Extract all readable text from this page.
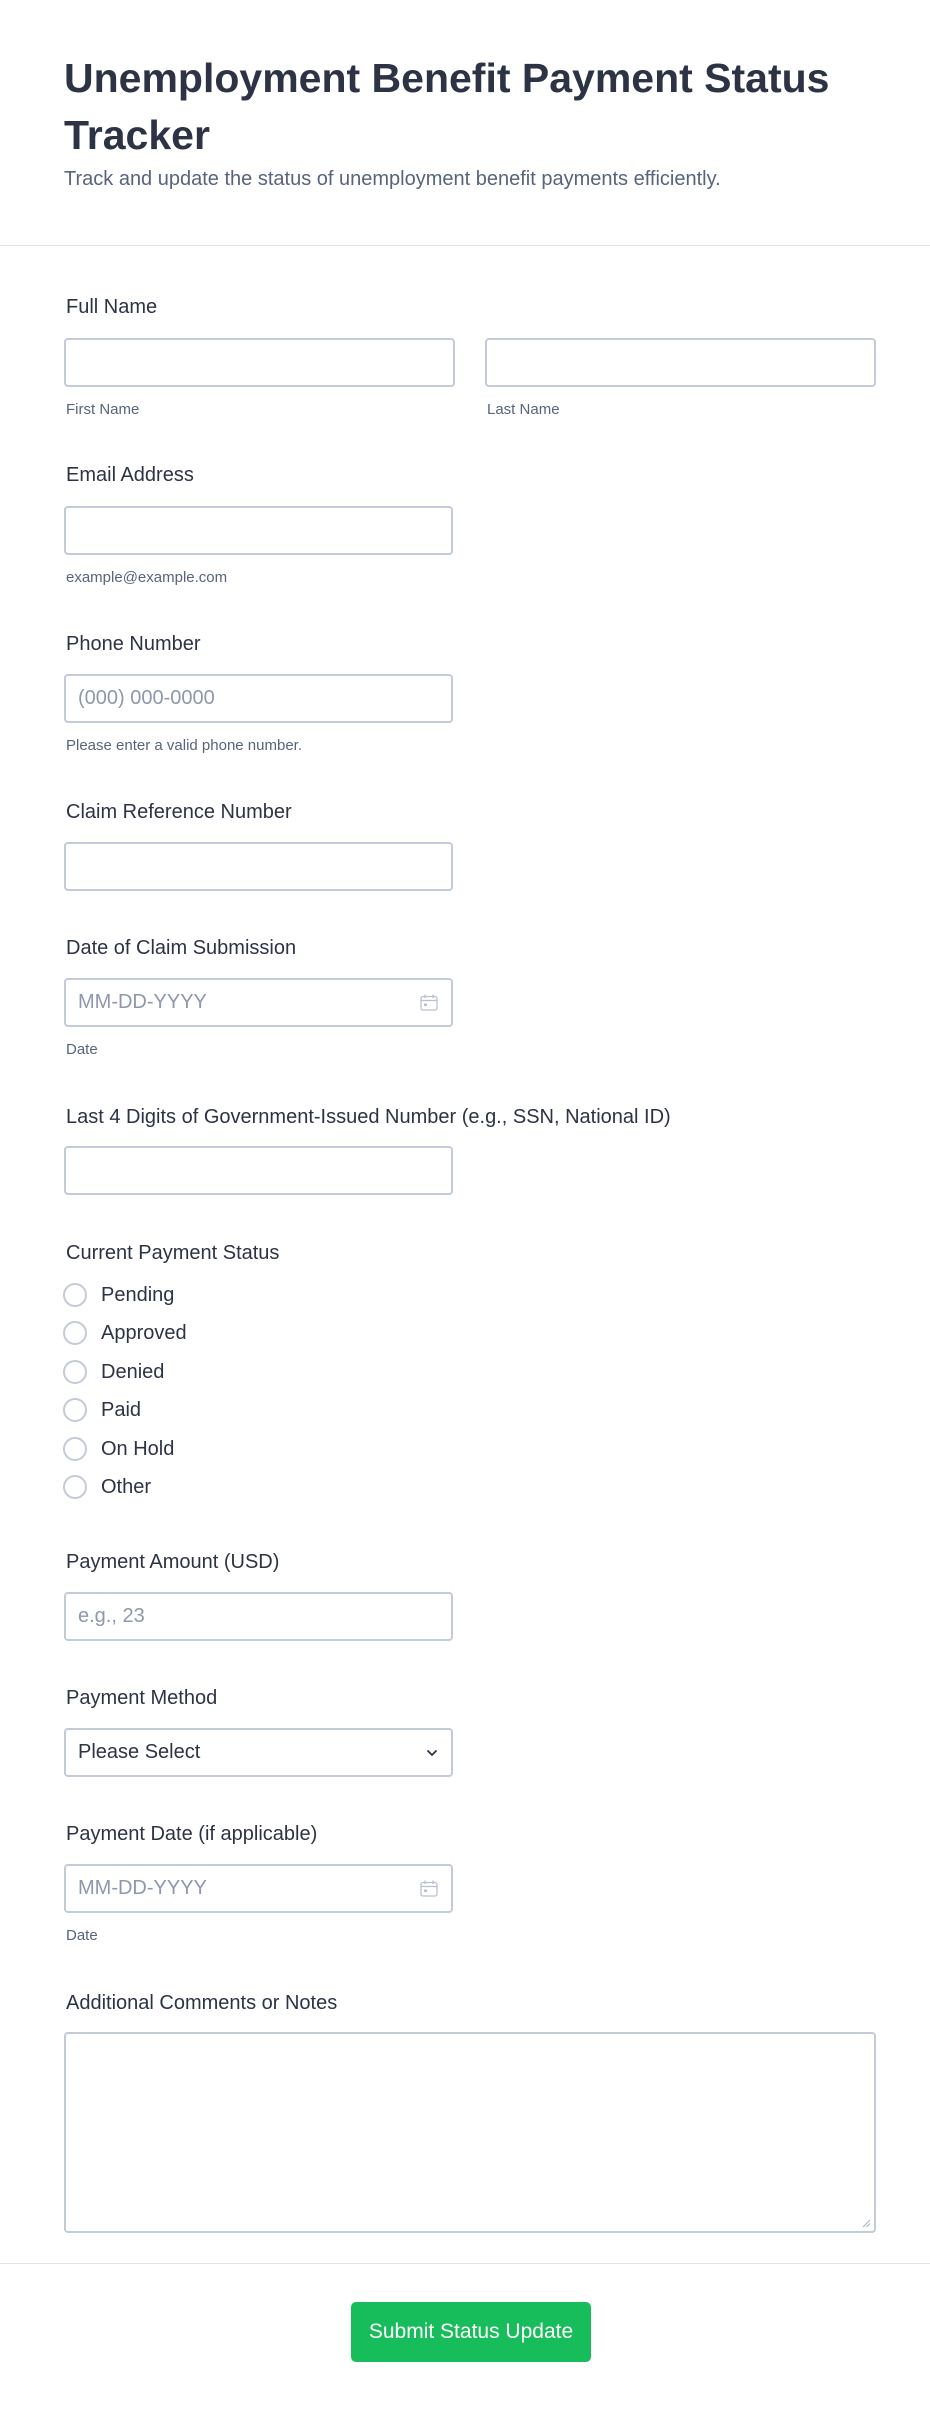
Unemployment Benefit Payment Status Tracker

Track and update the status of unemployment benefit payments efficiently.

Full Name
First Name	Last Name
Email Address
example@example.com
Phone Number
(000) 000-0000
Please enter a valid phone number.
Claim Reference Number
Date of Claim Submission
MM-DD-YYYY
Date
Last 4 Digits of Government-Issued Number (e.g., SSN, National ID)
Current Payment Status
Pending
Approved
Denied
Paid
On Hold
Other
Payment Amount (USD)
e.g., 23
Payment Method
Please Select
Payment Date (if applicable)
MM-DD-YYYY
Date
Additional Comments or Notes
Submit Status Update
